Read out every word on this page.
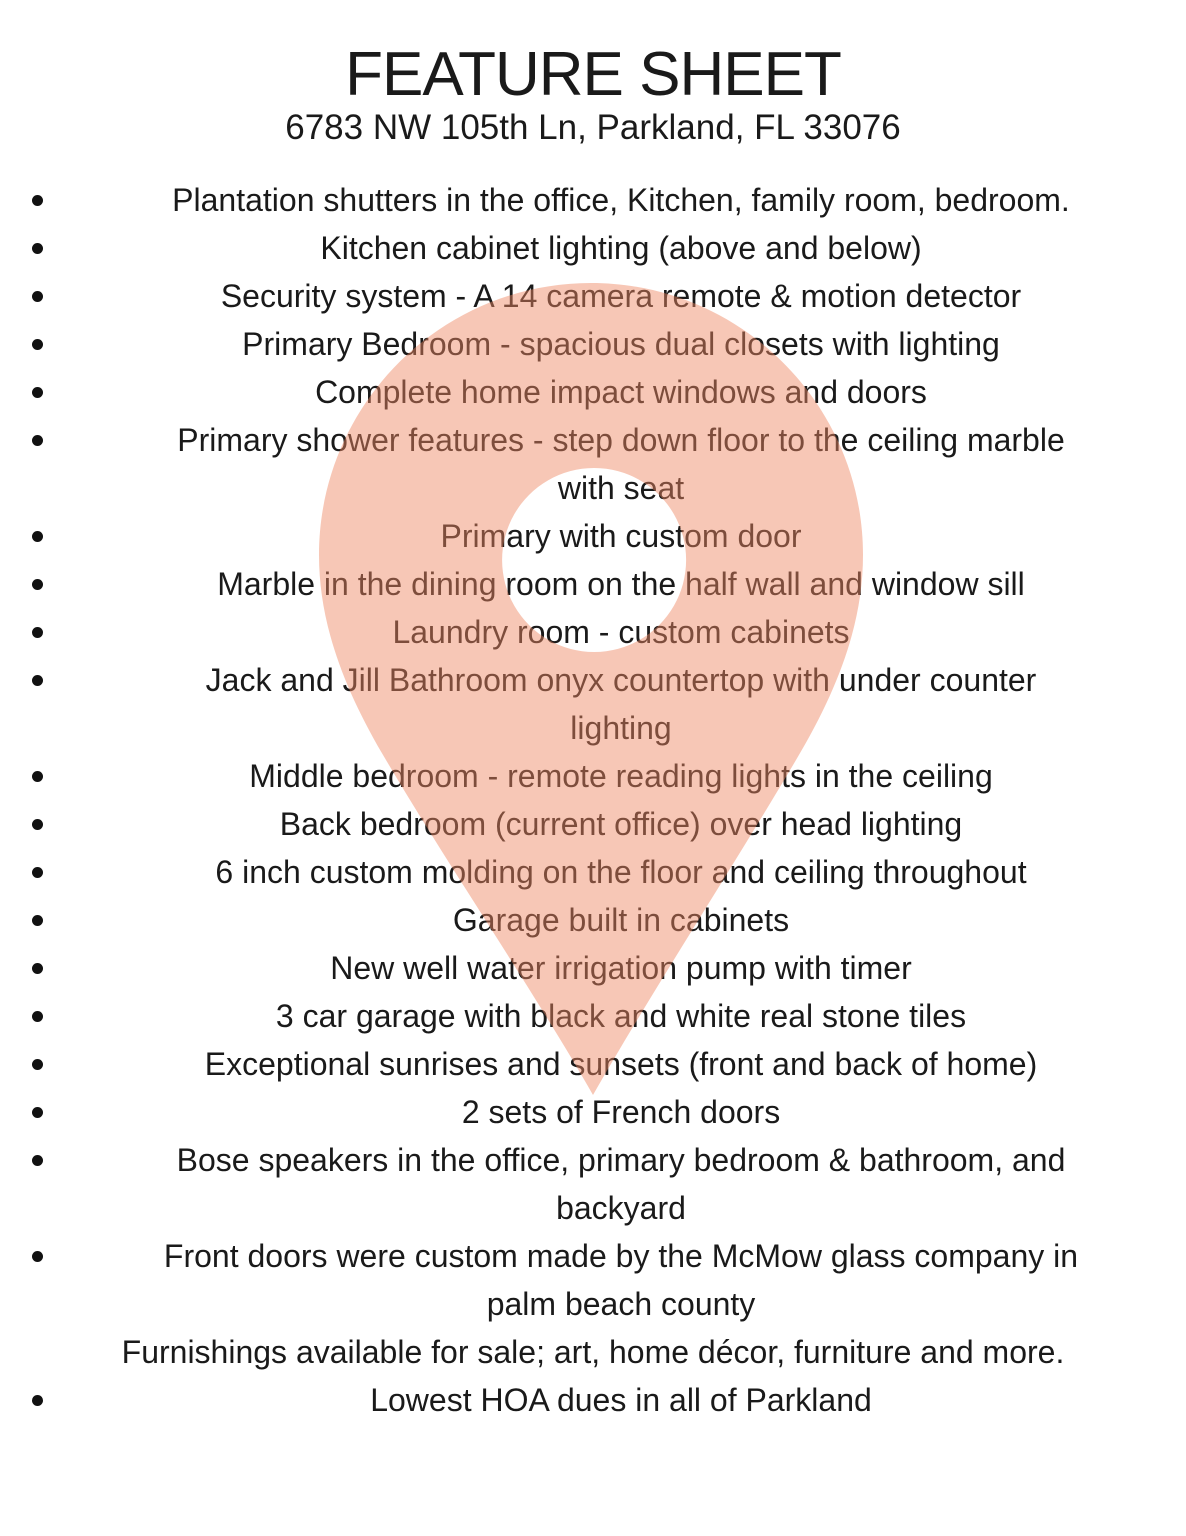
FEATURE SHEET
6783 NW 105th Ln, Parkland, FL 33076
Plantation shutters in the office, Kitchen, family room, bedroom.
Kitchen cabinet lighting (above and below)
Security system - A 14 camera remote & motion detector
Primary Bedroom - spacious dual closets with lighting
Complete home impact windows and doors
Primary shower features - step down floor to the ceiling marble
with seat
Primary with custom door
Marble in the dining room on the half wall and window sill
Laundry room - custom cabinets
Jack and Jill Bathroom onyx countertop with under counter
lighting
Middle bedroom - remote reading lights in the ceiling
Back bedroom (current office) over head lighting
6 inch custom molding on the floor and ceiling throughout
Garage built in cabinets
New well water irrigation pump with timer
3 car garage with black and white real stone tiles
Exceptional sunrises and sunsets (front and back of home)
2 sets of French doors
Bose speakers in the office, primary bedroom & bathroom, and
backyard
Front doors were custom made by the McMow glass company in
palm beach county
Furnishings available for sale; art, home décor, furniture and more.
Lowest HOA dues in all of Parkland
